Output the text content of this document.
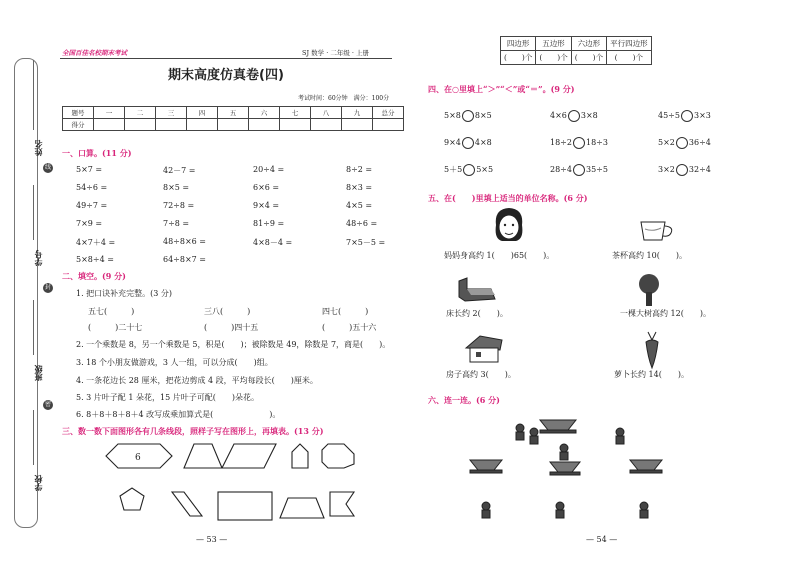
姓名
学号
班级
学校
线
封
密
全国百佳名校期末考试	SJ 数学 · 二年级 · 上册
期末高度仿真卷(四)
考试时间：60分钟　满分：100分
题号	一	二	三	四	五	六	七	八	九	总分
得分										
一、口算。(11 分)
5×7 =	42－7 =	20÷4 =	8÷2 =
54÷6 =	8×5 =	6×6 =	8×3 =
49÷7 =	72÷8 =	9×4 =	4×5 =
7×9 =	7÷8 =	81÷9 =	48÷6 =
4×7＋4 =	48÷8×6 =	4×8－4 =	7×5－5 =
5×8÷4 =	64÷8×7 =
二、填空。(9 分)
1. 把口诀补充完整。(3 分)
五七(　　　)	三八(　　　)	四七(　　　)
(　　　)二十七	(　　　)四十五	(　　　)五十六
2. 一个乘数是 8，另一个乘数是 5，积是(　　)；被除数是 49，除数是 7，商是(　　)。
3. 18 个小朋友做游戏，3 人一组，可以分成(　　)组。
4. 一条花边长 28 厘米，把花边剪成 4 段，平均每段长(　　)厘米。
5. 3 片叶子配 1 朵花，15 片叶子可配(　　)朵花。
6. 8＋8＋8＋8＋4 改写成乘加算式是(　　　　　　　)。
三、数一数下面图形各有几条线段，照样子写在图形上，再填表。(13 分)
6
— 53 —
四边形	五边形	六边形	平行四边形
(　　)个	(　　)个	(　　)个	(　　)个
四、在○里填上“＞”“＜”或“＝”。(9 分)
5×8 8×5	4×6 3×8	45÷5 3×3
9×4 4×8	18÷2 18÷3	5×2 36÷4
5＋5 5×5	28÷4 35÷5	3×2 32÷4
五、在(　　)里填上适当的单位名称。(6 分)
妈妈身高约 1(　　)65(　　)。	茶杯高约 10(　　)。
床长约 2(　　)。	一棵大树高约 12(　　)。
房子高约 3(　　)。	萝卜长约 14(　　)。
六、连一连。(6 分)
— 54 —
